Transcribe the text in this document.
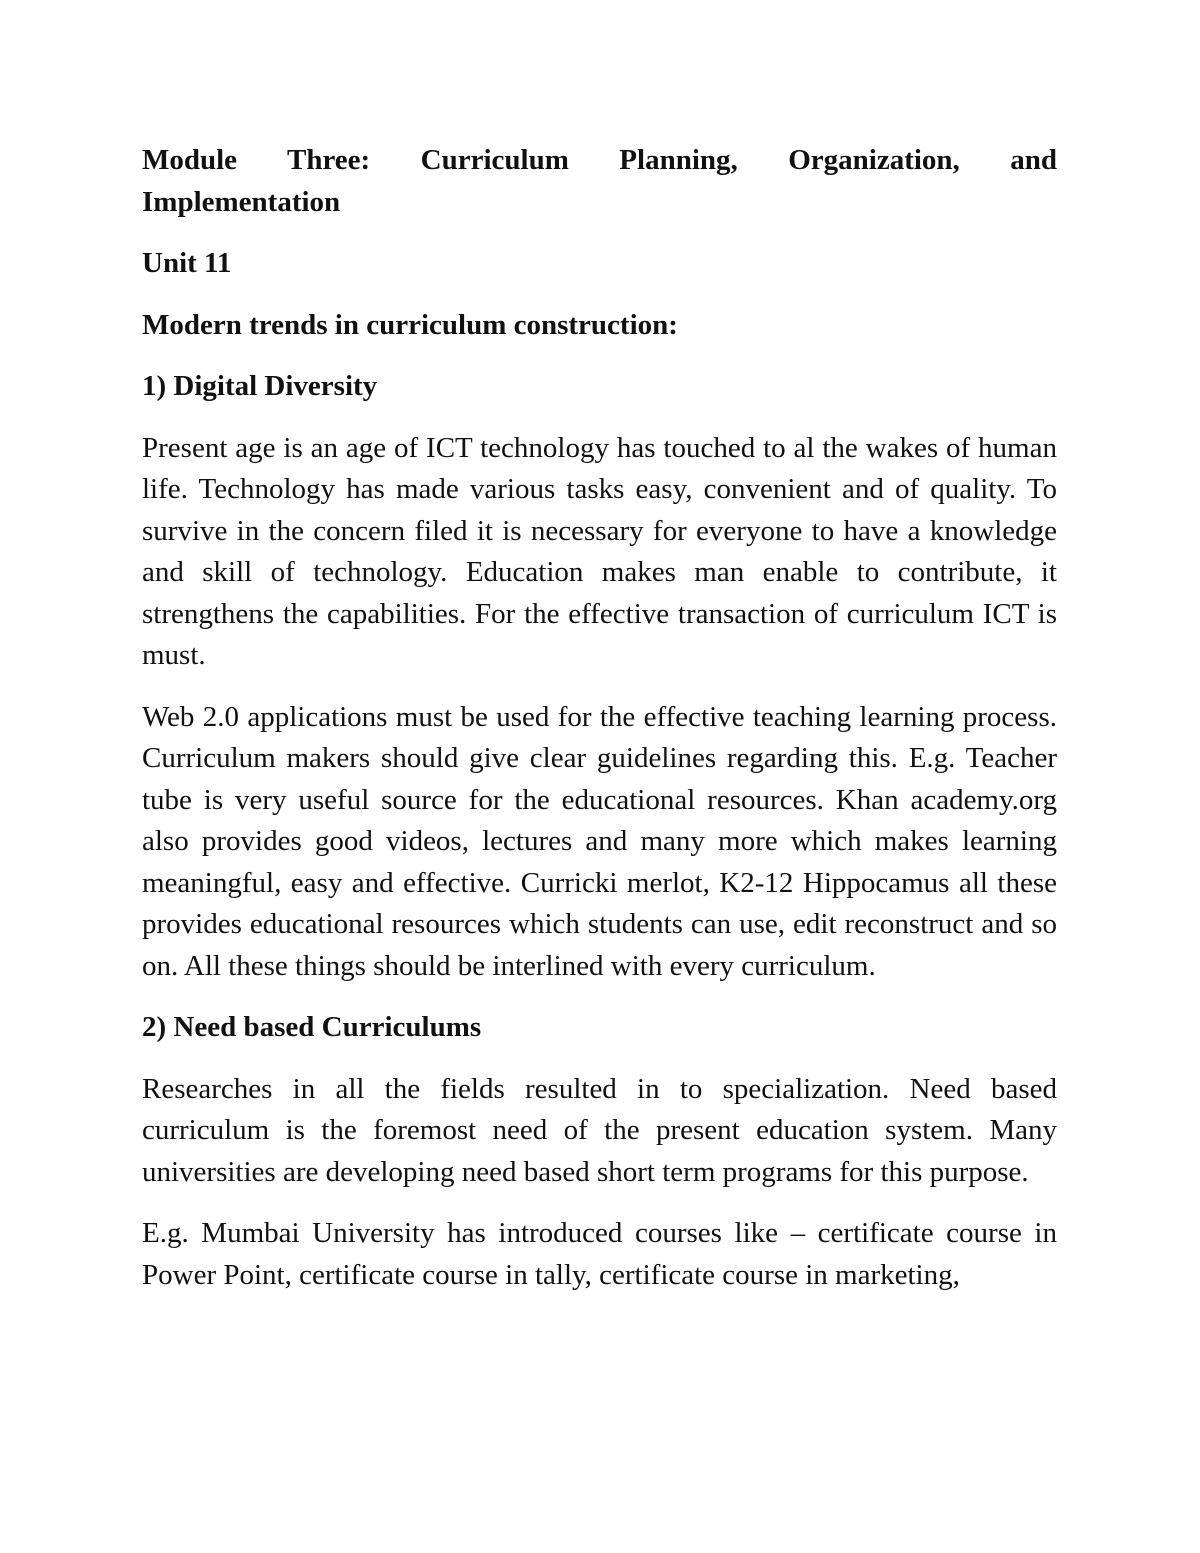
Module Three: Curriculum Planning, Organization, and
Implementation
Unit 11
Modern trends in curriculum construction:
1) Digital Diversity

Present age is an age of ICT technology has touched to al the wakes of human life. Technology has made various tasks easy, convenient and of quality. To survive in the concern filed it is necessary for everyone to have a knowledge and skill of technology. Education makes man enable to contribute, it strengthens the capabilities. For the effective transaction of curriculum ICT is must.

Web 2.0 applications must be used for the effective teaching learning process. Curriculum makers should give clear guidelines regarding this. E.g. Teacher tube is very useful source for the educational resources. Khan academy.org also provides good videos, lectures and many more which makes learning meaningful, easy and effective. Curricki merlot, K2-12 Hippocamus all these provides educational resources which students can use, edit reconstruct and so on. All these things should be interlined with every curriculum.

2) Need based Curriculums

Researches in all the fields resulted in to specialization. Need based curriculum is the foremost need of the present education system. Many universities are developing need based short term programs for this purpose.

E.g. Mumbai University has introduced courses like – certificate course in Power Point, certificate course in tally, certificate course in marketing,
